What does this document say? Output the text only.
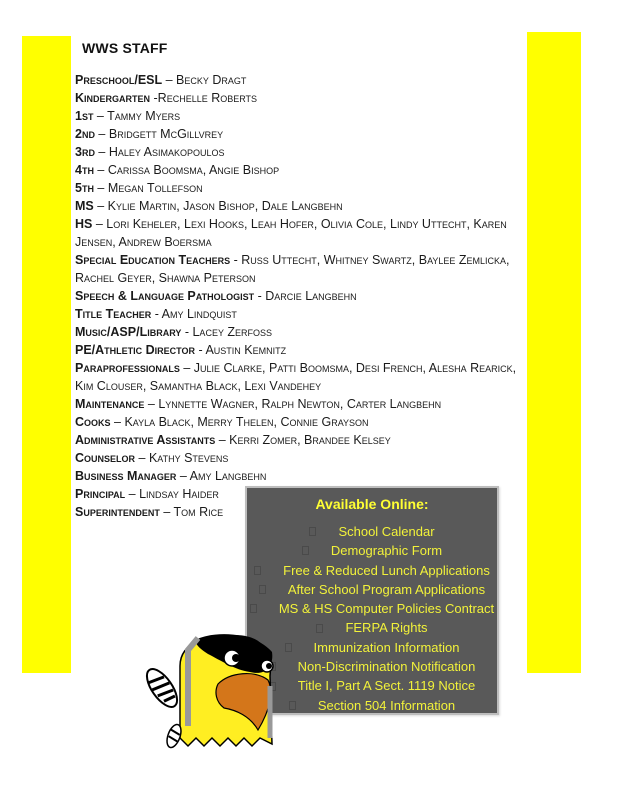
WWS STAFF
Preschool/ESL – Becky Dragt
Kindergarten -Rechelle Roberts
1st – Tammy Myers
2nd – Bridgett McGillvrey
3rd – Haley Asimakopoulos
4th – Carissa Boomsma, Angie Bishop
5th – Megan Tollefson
MS – Kylie Martin, Jason Bishop, Dale Langbehn
HS – Lori Keheler, Lexi Hooks, Leah Hofer, Olivia Cole, Lindy Uttecht, Karen Jensen, Andrew Boersma
Special Education Teachers - Russ Uttecht, Whitney Swartz, Baylee Zemlicka, Rachel Geyer, Shawna Peterson
Speech & Language Pathologist - Darcie Langbehn
Title Teacher - Amy Lindquist
Music/ASP/Library - Lacey Zerfoss
PE/Athletic Director - Austin Kemnitz
Paraprofessionals – Julie Clarke, Patti Boomsma, Desi French, Alesha Rearick, Kim Clouser, Samantha Black, Lexi Vandehey
Maintenance – Lynnette Wagner, Ralph Newton, Carter Langbehn
Cooks – Kayla Black, Merry Thelen, Connie Grayson
Administrative Assistants – Kerri Zomer, Brandee Kelsey
Counselor – Kathy Stevens
Business Manager – Amy Langbehn
Principal – Lindsay Haider
Superintendent – Tom Rice	Available Online:
School Calendar
Demographic Form
Free & Reduced Lunch Applications
After School Program Applications
MS & HS Computer Policies Contract
FERPA Rights
Immunization Information
Non-Discrimination Notification
Title I, Part A Sect. 1119 Notice
Section 504 Information
